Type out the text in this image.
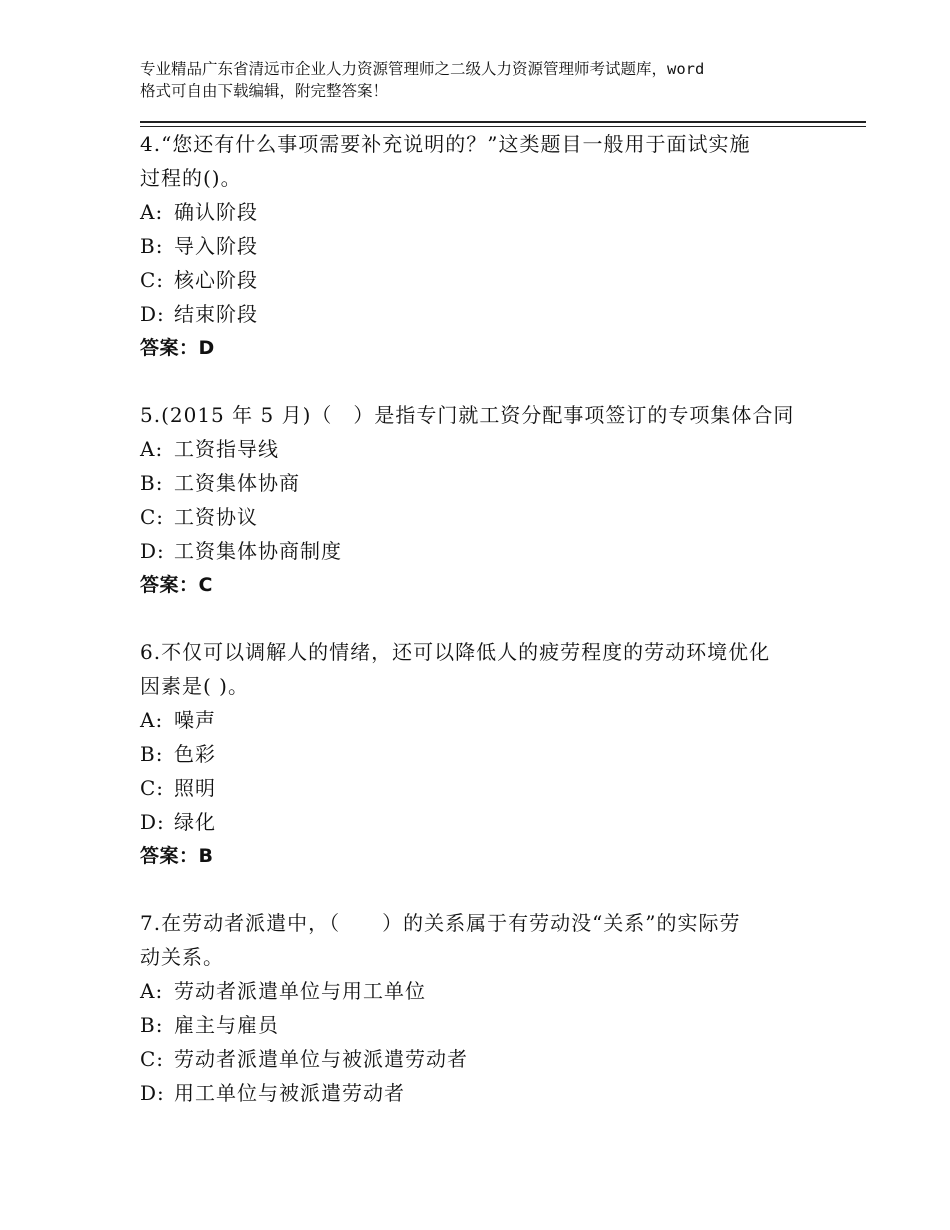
专业精品广东省清远市企业人力资源管理师之二级人力资源管理师考试题库，word
格式可自由下载编辑，附完整答案！
4.“您还有什么事项需要补充说明的？”这类题目一般用于面试实施
过程的()。
A: 确认阶段
B: 导入阶段
C: 核心阶段
D: 结束阶段
答案：D
5.(2015 年 5 月)（　）是指专门就工资分配事项签订的专项集体合同
A: 工资指导线
B: 工资集体协商
C: 工资协议
D: 工资集体协商制度
答案：C
6.不仅可以调解人的情绪，还可以降低人的疲劳程度的劳动环境优化
因素是( )。
A: 噪声
B: 色彩
C: 照明
D: 绿化
答案：B
7.在劳动者派遣中，（　　）的关系属于有劳动没“关系”的实际劳
动关系。
A: 劳动者派遣单位与用工单位
B: 雇主与雇员
C: 劳动者派遣单位与被派遣劳动者
D: 用工单位与被派遣劳动者
